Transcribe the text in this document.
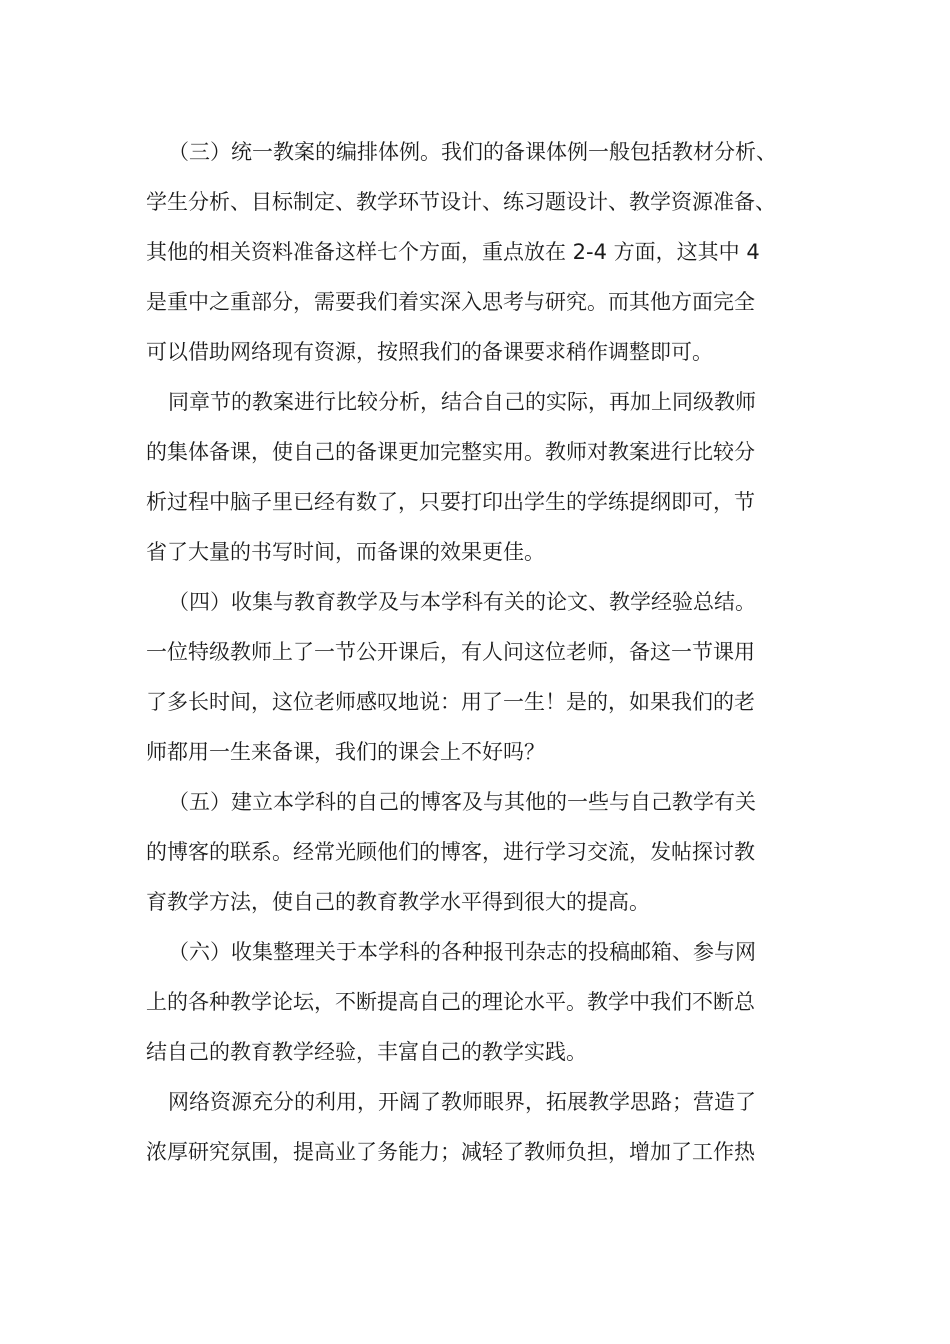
（三）统一教案的编排体例。我们的备课体例一般包括教材分析、

学生分析、目标制定、教学环节设计、练习题设计、教学资源准备、

其他的相关资料准备这样七个方面，重点放在 2-4 方面，这其中 4

是重中之重部分，需要我们着实深入思考与研究。而其他方面完全

可以借助网络现有资源，按照我们的备课要求稍作调整即可。

同章节的教案进行比较分析，结合自己的实际，再加上同级教师

的集体备课，使自己的备课更加完整实用。教师对教案进行比较分

析过程中脑子里已经有数了，只要打印出学生的学练提纲即可，节

省了大量的书写时间，而备课的效果更佳。

（四）收集与教育教学及与本学科有关的论文、教学经验总结。

一位特级教师上了一节公开课后，有人问这位老师，备这一节课用

了多长时间，这位老师感叹地说：用了一生！是的，如果我们的老

师都用一生来备课，我们的课会上不好吗？

（五）建立本学科的自己的博客及与其他的一些与自己教学有关

的博客的联系。经常光顾他们的博客，进行学习交流，发帖探讨教

育教学方法，使自己的教育教学水平得到很大的提高。

（六）收集整理关于本学科的各种报刊杂志的投稿邮箱、参与网

上的各种教学论坛，不断提高自己的理论水平。教学中我们不断总

结自己的教育教学经验，丰富自己的教学实践。

网络资源充分的利用，开阔了教师眼界，拓展教学思路；营造了

浓厚研究氛围，提高业了务能力；减轻了教师负担，增加了工作热
